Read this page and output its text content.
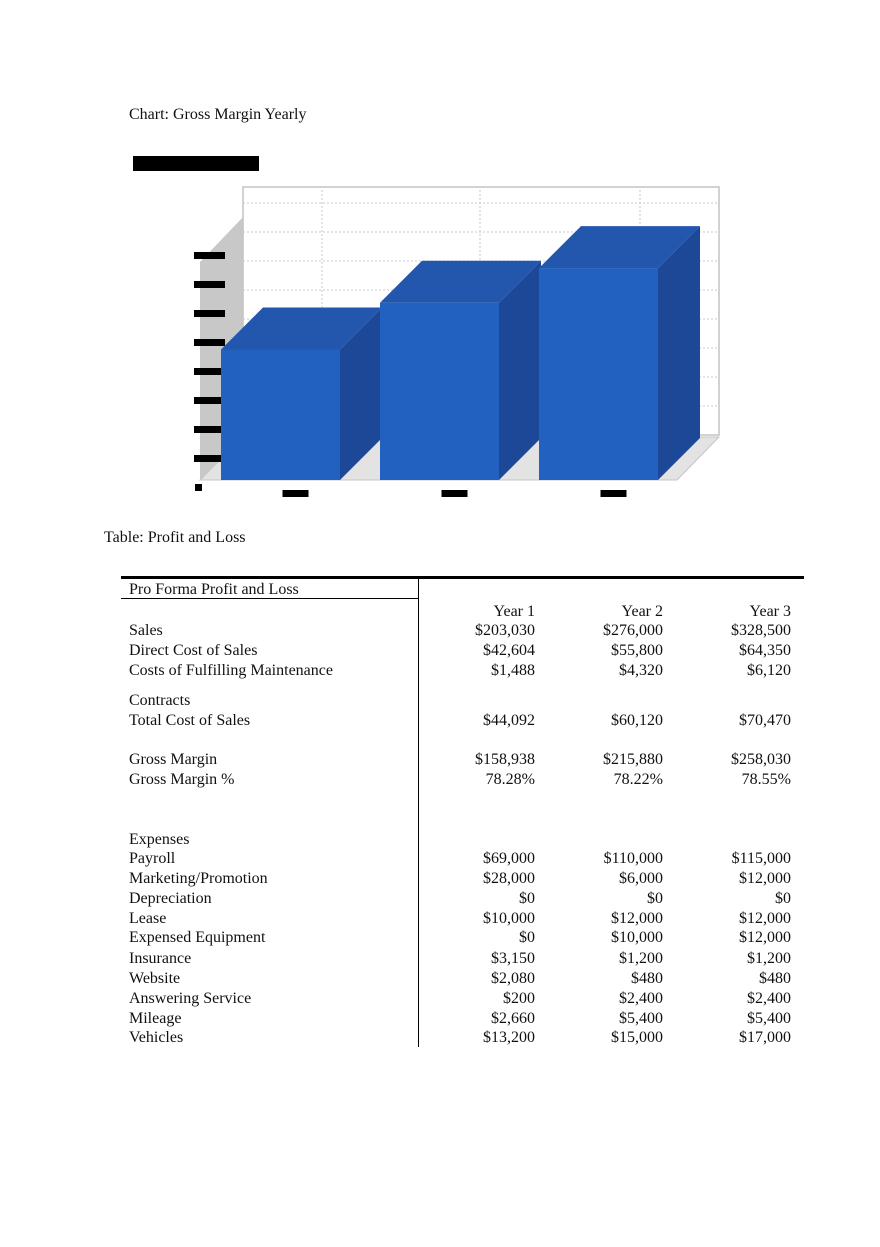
Chart: Gross Margin Yearly
Table: Profit and Loss
Pro Forma Profit and Loss
Year 1	Year 2	Year 3
Sales	$203,030	$276,000	$328,500
Direct Cost of Sales	$42,604	$55,800	$64,350
Costs of Fulfilling Maintenance	$1,488	$4,320	$6,120
Contracts
Total Cost of Sales	$44,092	$60,120	$70,470
Gross Margin	$158,938	$215,880	$258,030
Gross Margin %	78.28%	78.22%	78.55%
Expenses
Payroll	$69,000	$110,000	$115,000
Marketing/Promotion	$28,000	$6,000	$12,000
Depreciation	$0	$0	$0
Lease	$10,000	$12,000	$12,000
Expensed Equipment	$0	$10,000	$12,000
Insurance	$3,150	$1,200	$1,200
Website	$2,080	$480	$480
Answering Service	$200	$2,400	$2,400
Mileage	$2,660	$5,400	$5,400
Vehicles	$13,200	$15,000	$17,000
